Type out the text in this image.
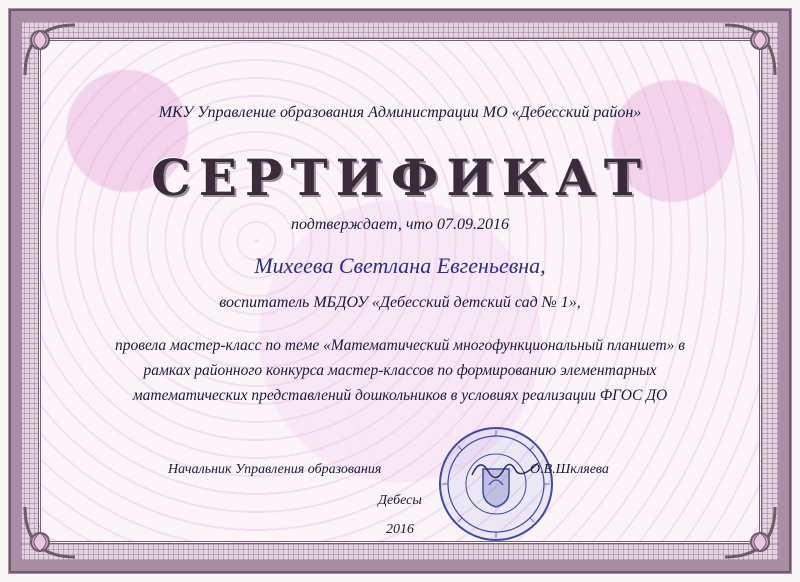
МКУ Управление образования Администрации МО «Дебесский район»
СЕРТИФИКАТ
подтверждает, что 07.09.2016
Михеева Светлана Евгеньевна,
воспитатель МБДОУ «Дебесский детский сад № 1»,
провела мастер-класс по теме «Математический многофункциональный планшет» в
рамках районного конкурса мастер-классов по формированию элементарных
математических представлений дошкольников в условиях реализации ФГОС ДО
Начальник Управления образования	О.В.Шкляева
Дебесы
2016
